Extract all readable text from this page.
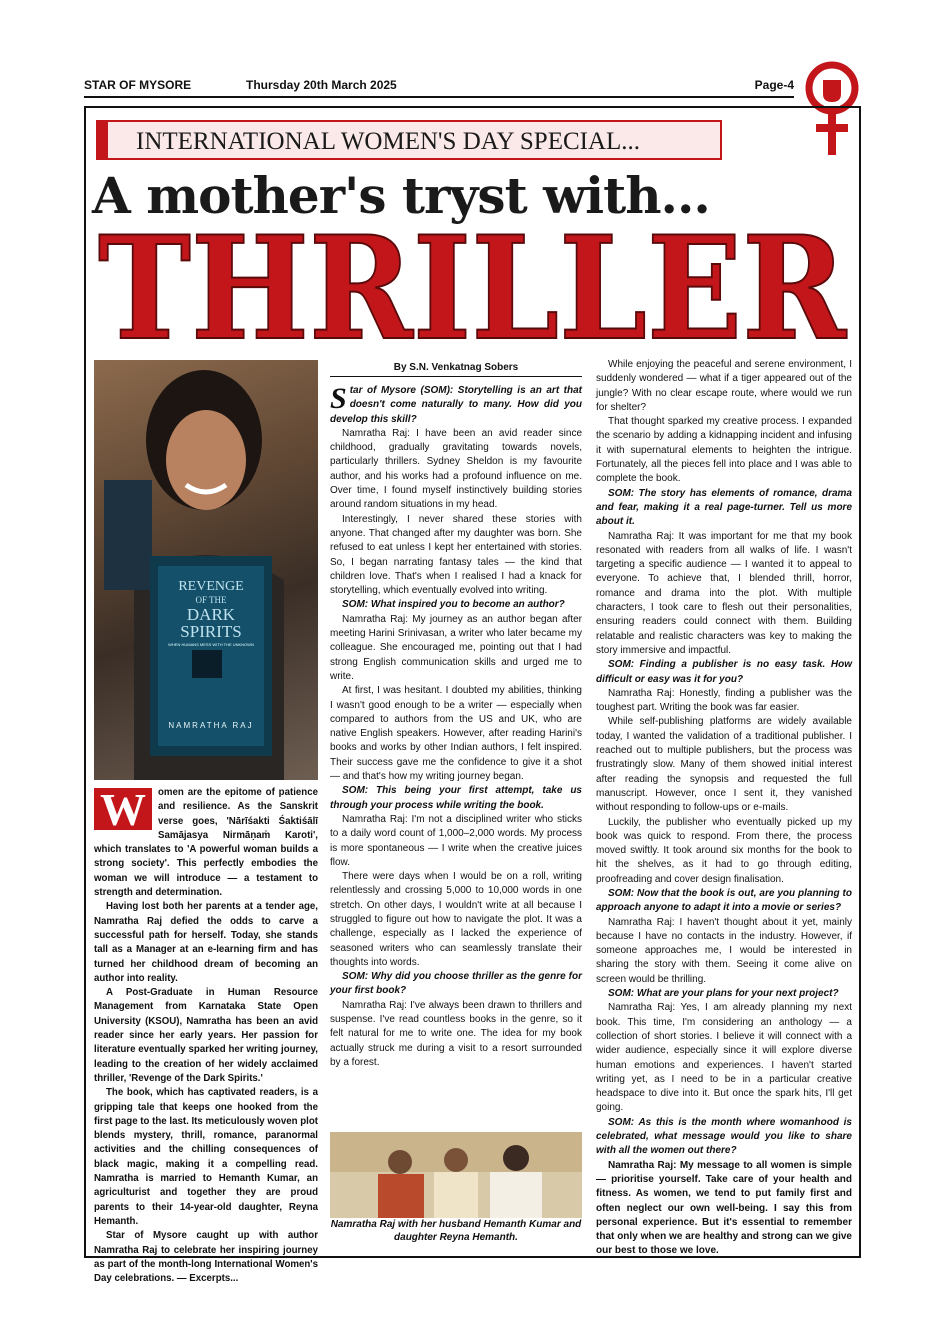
STAR OF MYSORE	Thursday 20th March 2025	Page-4
INTERNATIONAL WOMEN'S DAY SPECIAL...
A mother's tryst with...
THRILLER
REVENGE
OF THE
DARK
SPIRITS
WHEN HUMANS MESS WITH THE UNKNOWN
NAMRATHA RAJ
W	omen are the epitome of patience and resilience. As the Sanskrit verse goes, 'Nārīśakti Śaktiśālī Samājasya Nirmāṇaṁ Karoti', which translates to 'A powerful woman builds a strong society'. This perfectly embodies the woman we will introduce — a testament to strength and determination.

Having lost both her parents at a tender age, Namratha Raj defied the odds to carve a successful path for herself. Today, she stands tall as a Manager at an e-learning firm and has turned her childhood dream of becoming an author into reality.

A Post-Graduate in Human Resource Management from Karnataka State Open University (KSOU), Namratha has been an avid reader since her early years. Her passion for literature eventually sparked her writing journey, leading to the creation of her widely acclaimed thriller, 'Revenge of the Dark Spirits.'

The book, which has captivated readers, is a gripping tale that keeps one hooked from the first page to the last. Its meticulously woven plot blends mystery, thrill, romance, paranormal activities and the chilling consequences of black magic, making it a compelling read. Namratha is married to Hemanth Kumar, an agriculturist and together they are proud parents to their 14-year-old daughter, Reyna Hemanth.

Star of Mysore caught up with author Namratha Raj to celebrate her inspiring journey as part of the month-long International Women's Day celebrations. — Excerpts...

By S.N. Venkatnag Sobers

Star of Mysore (SOM): Storytelling is an art that doesn't come naturally to many. How did you develop this skill?

Namratha Raj: I have been an avid reader since childhood, gradually gravitating towards novels, particularly thrillers. Sydney Sheldon is my favourite author, and his works had a profound influence on me. Over time, I found myself instinctively building stories around random situations in my head.

Interestingly, I never shared these stories with anyone. That changed after my daughter was born. She refused to eat unless I kept her entertained with stories. So, I began narrating fantasy tales — the kind that children love. That's when I realised I had a knack for storytelling, which eventually evolved into writing.

SOM: What inspired you to become an author?

Namratha Raj: My journey as an author began after meeting Harini Srinivasan, a writer who later became my colleague. She encouraged me, pointing out that I had strong English communication skills and urged me to write.

At first, I was hesitant. I doubted my abilities, thinking I wasn't good enough to be a writer — especially when compared to authors from the US and UK, who are native English speakers. However, after reading Harini's books and works by other Indian authors, I felt inspired. Their success gave me the confidence to give it a shot — and that's how my writing journey began.

SOM: This being your first attempt, take us through your process while writing the book.

Namratha Raj: I'm not a disciplined writer who sticks to a daily word count of 1,000–2,000 words. My process is more spontaneous — I write when the creative juices flow.

There were days when I would be on a roll, writing relentlessly and crossing 5,000 to 10,000 words in one stretch. On other days, I wouldn't write at all because I struggled to figure out how to navigate the plot. It was a challenge, especially as I lacked the experience of seasoned writers who can seamlessly translate their thoughts into words.

SOM: Why did you choose thriller as the genre for your first book?

Namratha Raj: I've always been drawn to thrillers and suspense. I've read countless books in the genre, so it felt natural for me to write one. The idea for my book actually struck me during a visit to a resort surrounded by a forest.

Namratha Raj with her husband Hemanth Kumar and daughter Reyna Hemanth.

While enjoying the peaceful and serene environment, I suddenly wondered — what if a tiger appeared out of the jungle? With no clear escape route, where would we run for shelter?

That thought sparked my creative process. I expanded the scenario by adding a kidnapping incident and infusing it with supernatural elements to heighten the intrigue. Fortunately, all the pieces fell into place and I was able to complete the book.

SOM: The story has elements of romance, drama and fear, making it a real page-turner. Tell us more about it.

Namratha Raj: It was important for me that my book resonated with readers from all walks of life. I wasn't targeting a specific audience — I wanted it to appeal to everyone. To achieve that, I blended thrill, horror, romance and drama into the plot. With multiple characters, I took care to flesh out their personalities, ensuring readers could connect with them. Building relatable and realistic characters was key to making the story immersive and impactful.

SOM: Finding a publisher is no easy task. How difficult or easy was it for you?

Namratha Raj: Honestly, finding a publisher was the toughest part. Writing the book was far easier.

While self-publishing platforms are widely available today, I wanted the validation of a traditional publisher. I reached out to multiple publishers, but the process was frustratingly slow. Many of them showed initial interest after reading the synopsis and requested the full manuscript. However, once I sent it, they vanished without responding to follow-ups or e-mails.

Luckily, the publisher who eventually picked up my book was quick to respond. From there, the process moved swiftly. It took around six months for the book to hit the shelves, as it had to go through editing, proofreading and cover design finalisation.

SOM: Now that the book is out, are you planning to approach anyone to adapt it into a movie or series?

Namratha Raj: I haven't thought about it yet, mainly because I have no contacts in the industry. However, if someone approaches me, I would be interested in sharing the story with them. Seeing it come alive on screen would be thrilling.

SOM: What are your plans for your next project?

Namratha Raj: Yes, I am already planning my next book. This time, I'm considering an anthology — a collection of short stories. I believe it will connect with a wider audience, especially since it will explore diverse human emotions and experiences. I haven't started writing yet, as I need to be in a particular creative headspace to dive into it. But once the spark hits, I'll get going.

SOM: As this is the month where womanhood is celebrated, what message would you like to share with all the women out there?

Namratha Raj: My message to all women is simple — prioritise yourself. Take care of your health and fitness. As women, we tend to put family first and often neglect our own well-being. I say this from personal experience. But it's essential to remember that only when we are healthy and strong can we give our best to those we love.
